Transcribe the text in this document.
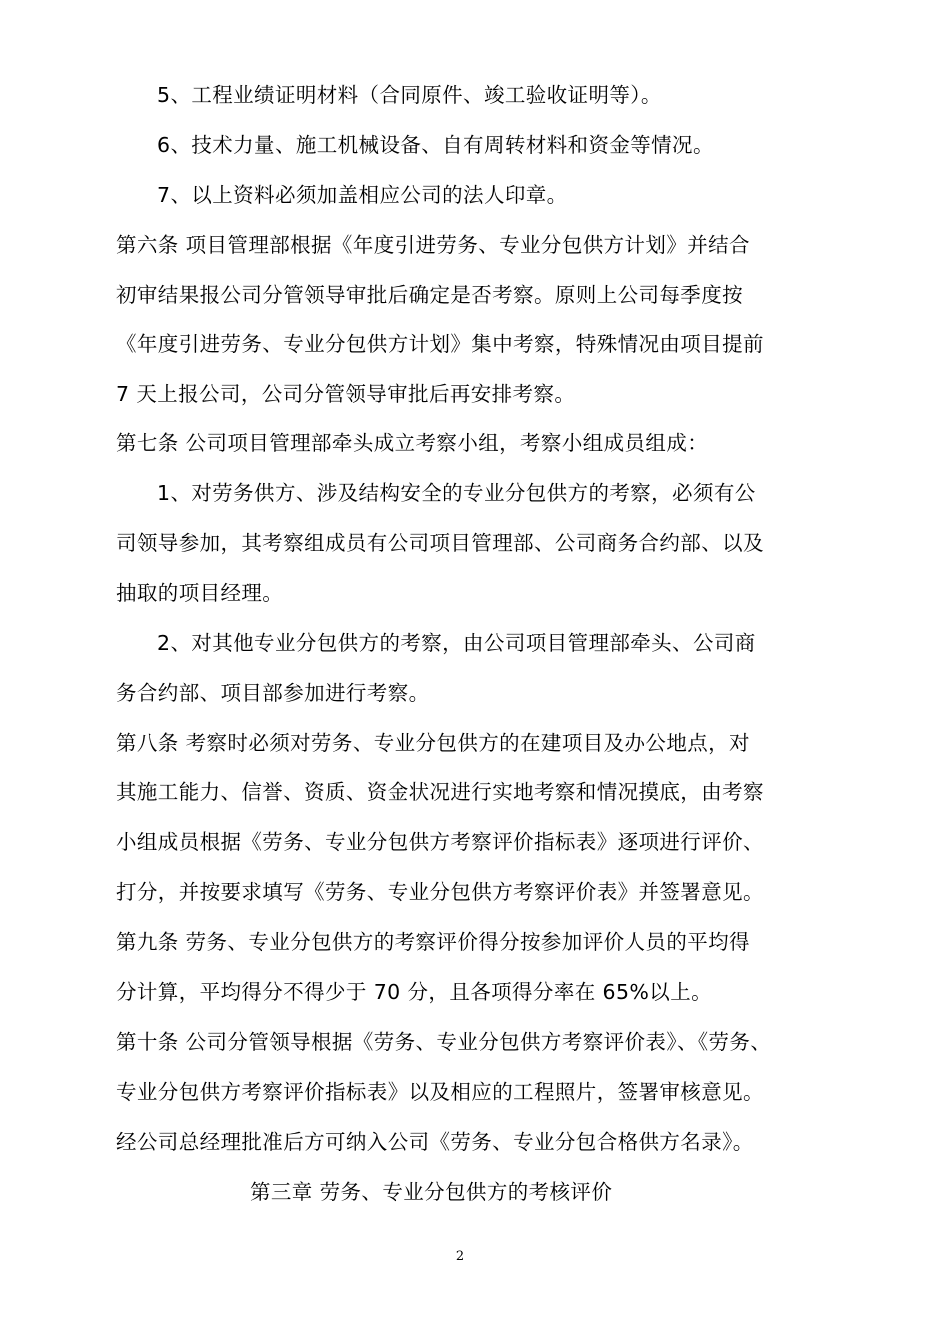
5、工程业绩证明材料（合同原件、竣工验收证明等）。
6、技术力量、施工机械设备、自有周转材料和资金等情况。
7、以上资料必须加盖相应公司的法人印章。
第六条 项目管理部根据《年度引进劳务、专业分包供方计划》并结合
初审结果报公司分管领导审批后确定是否考察。原则上公司每季度按
《年度引进劳务、专业分包供方计划》集中考察，特殊情况由项目提前
7 天上报公司，公司分管领导审批后再安排考察。
第七条 公司项目管理部牵头成立考察小组，考察小组成员组成：
1、对劳务供方、涉及结构安全的专业分包供方的考察，必须有公
司领导参加，其考察组成员有公司项目管理部、公司商务合约部、以及
抽取的项目经理。
2、对其他专业分包供方的考察，由公司项目管理部牵头、公司商
务合约部、项目部参加进行考察。
第八条 考察时必须对劳务、专业分包供方的在建项目及办公地点，对
其施工能力、信誉、资质、资金状况进行实地考察和情况摸底，由考察
小组成员根据《劳务、专业分包供方考察评价指标表》逐项进行评价、
打分，并按要求填写《劳务、专业分包供方考察评价表》并签署意见。
第九条 劳务、专业分包供方的考察评价得分按参加评价人员的平均得
分计算，平均得分不得少于 70 分，且各项得分率在 65%以上。
第十条 公司分管领导根据《劳务、专业分包供方考察评价表》、《劳务、
专业分包供方考察评价指标表》以及相应的工程照片，签署审核意见。
经公司总经理批准后方可纳入公司《劳务、专业分包合格供方名录》。
第三章 劳务、专业分包供方的考核评价
2
